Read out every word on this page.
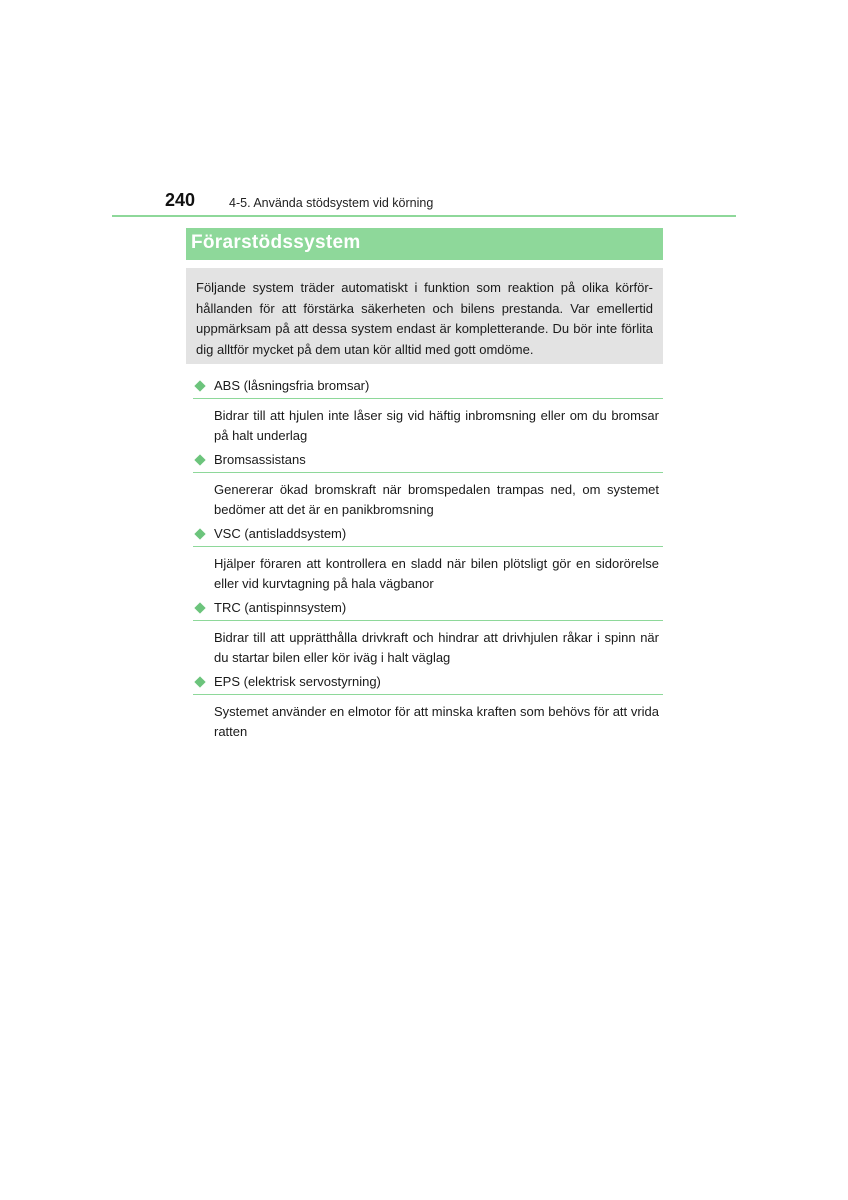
240	4-5. Använda stödsystem vid körning
Förarstödssystem

Följande system träder automatiskt i funktion som reaktion på olika körför-hållanden för att förstärka säkerheten och bilens prestanda. Var emellertid uppmärksam på att dessa system endast är kompletterande. Du bör inte förlita dig alltför mycket på dem utan kör alltid med gott omdöme.

ABS (låsningsfria bromsar)

Bidrar till att hjulen inte låser sig vid häftig inbromsning eller om du bromsar på halt underlag

Bromsassistans

Genererar ökad bromskraft när bromspedalen trampas ned, om systemet bedömer att det är en panikbromsning

VSC (antisladdsystem)

Hjälper föraren att kontrollera en sladd när bilen plötsligt gör en sidorörelse eller vid kurvtagning på hala vägbanor

TRC (antispinnsystem)

Bidrar till att upprätthålla drivkraft och hindrar att drivhjulen råkar i spinn när du startar bilen eller kör iväg i halt väglag

EPS (elektrisk servostyrning)

Systemet använder en elmotor för att minska kraften som behövs för att vrida ratten
